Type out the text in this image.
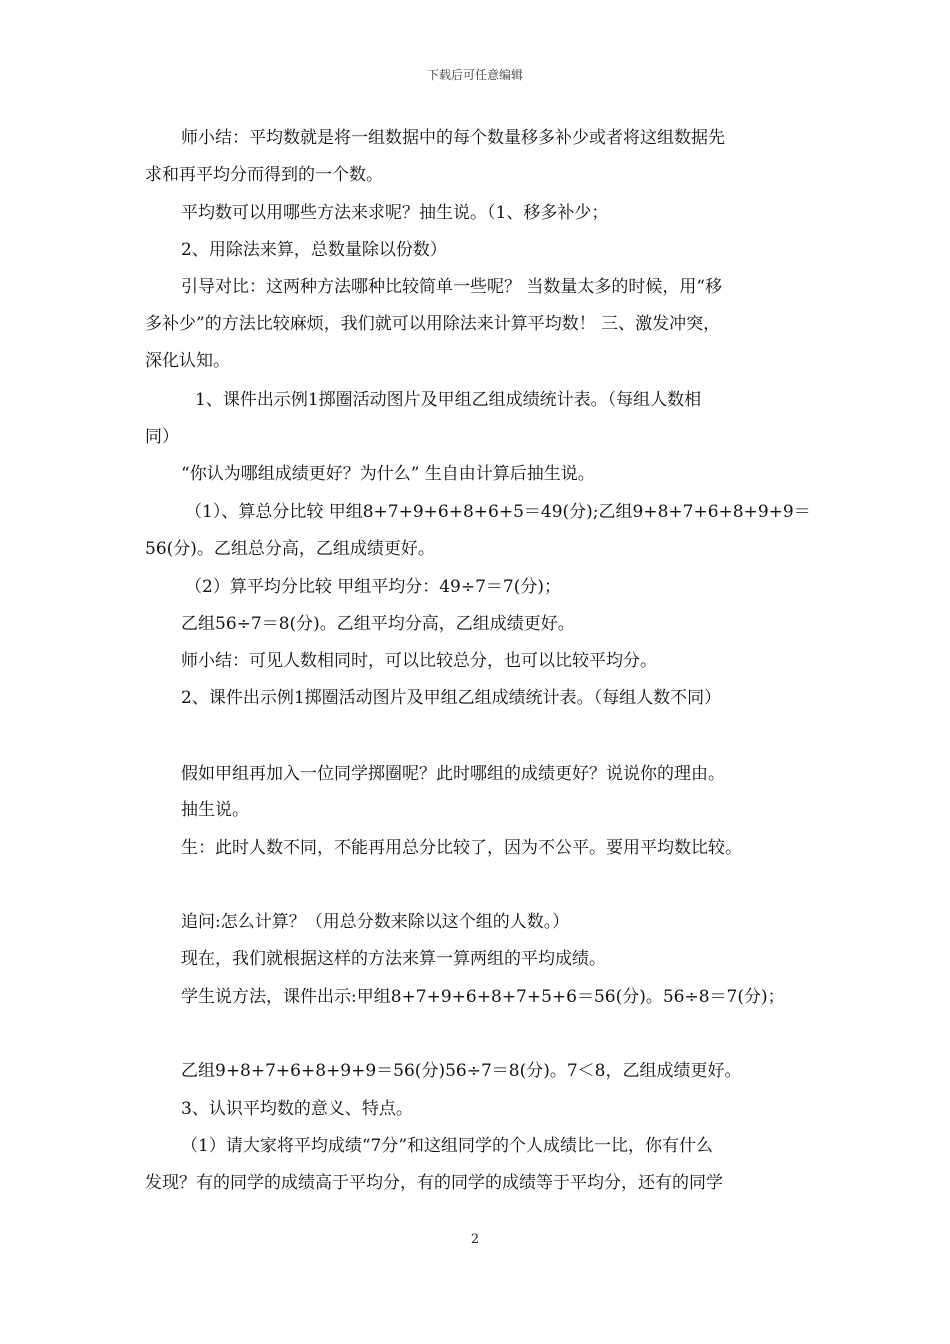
下载后可任意编辑
师小结：平均数就是将一组数据中的每个数量移多补少或者将这组数据先
求和再平均分而得到的一个数。
平均数可以用哪些方法来求呢？抽生说。（1、移多补少；
2、用除法来算，总数量除以份数）
引导对比：这两种方法哪种比较简单一些呢？ 当数量太多的时候，用“移
多补少”的方法比较麻烦，我们就可以用除法来计算平均数！ 三、激发冲突，
深化认知。
1、课件出示例1掷圈活动图片及甲组乙组成绩统计表。（每组人数相
同）
“你认为哪组成绩更好？为什么” 生自由计算后抽生说。
（1）、算总分比较 甲组8+7+9+6+8+6+5＝49(分);乙组9+8+7+6+8+9+9＝
56(分)。乙组总分高，乙组成绩更好。
（2）算平均分比较 甲组平均分：49÷7＝7(分)；
乙组56÷7＝8(分)。乙组平均分高，乙组成绩更好。
师小结：可见人数相同时，可以比较总分，也可以比较平均分。
2、课件出示例1掷圈活动图片及甲组乙组成绩统计表。（每组人数不同）
假如甲组再加入一位同学掷圈呢？此时哪组的成绩更好？说说你的理由。
抽生说。
生：此时人数不同，不能再用总分比较了，因为不公平。要用平均数比较。
追问:怎么计算？（用总分数来除以这个组的人数。）
现在，我们就根据这样的方法来算一算两组的平均成绩。
学生说方法，课件出示:甲组8+7+9+6+8+7+5+6＝56(分)。56÷8＝7(分)；
乙组9+8+7+6+8+9+9＝56(分)56÷7＝8(分)。7＜8，乙组成绩更好。
3、认识平均数的意义、特点。
（1）请大家将平均成绩“7分”和这组同学的个人成绩比一比，你有什么
发现？有的同学的成绩高于平均分，有的同学的成绩等于平均分，还有的同学
2
